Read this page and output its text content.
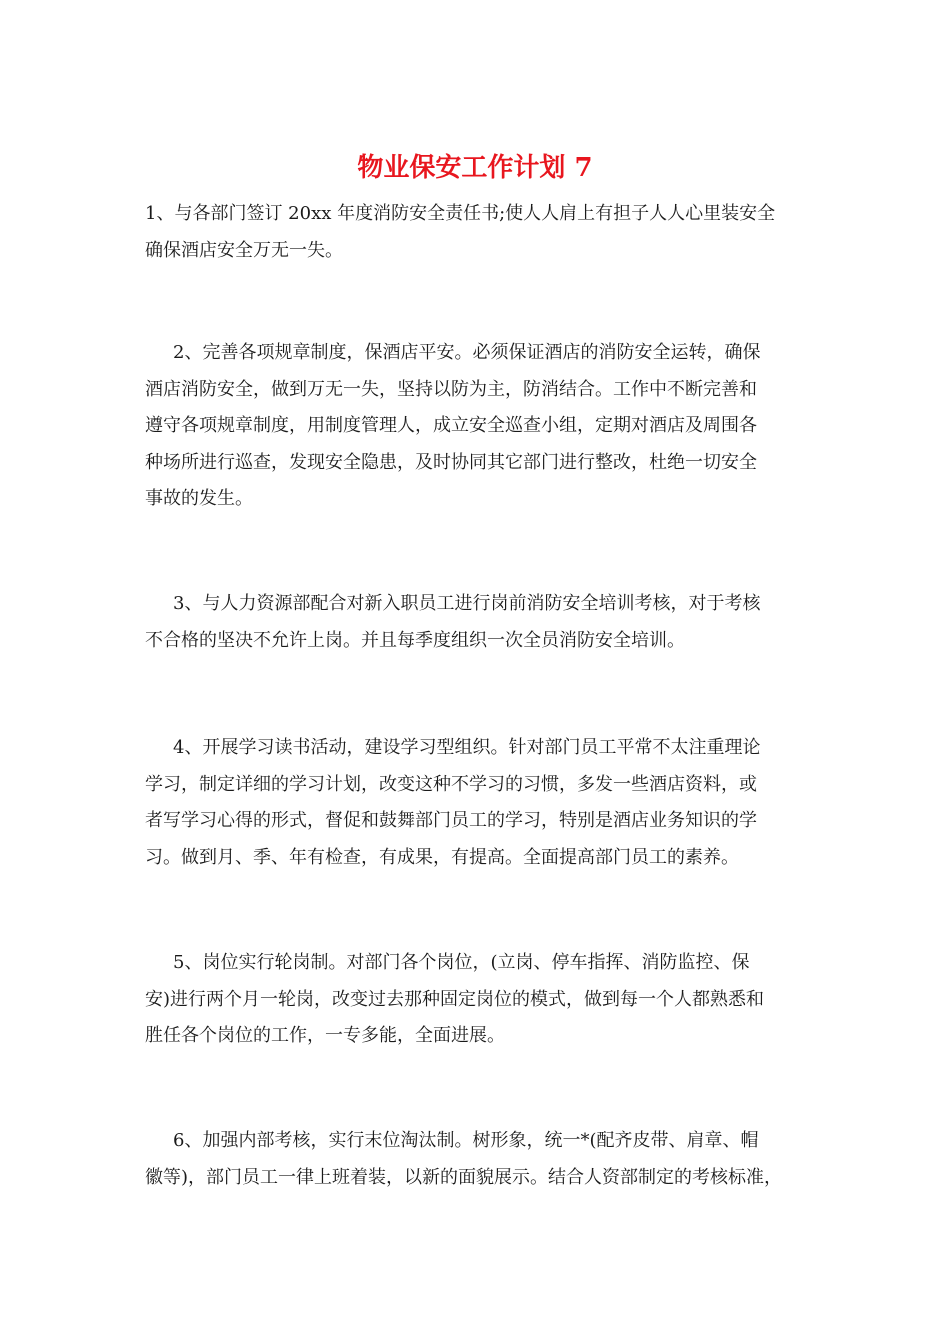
物业保安工作计划 7
1、与各部门签订 20xx 年度消防安全责任书;使人人肩上有担子人人心里装安全
确保酒店安全万无一失。
2、完善各项规章制度，保酒店平安。必须保证酒店的消防安全运转，确保
酒店消防安全，做到万无一失，坚持以防为主，防消结合。工作中不断完善和
遵守各项规章制度，用制度管理人，成立安全巡查小组，定期对酒店及周围各
种场所进行巡查，发现安全隐患，及时协同其它部门进行整改，杜绝一切安全
事故的发生。
3、与人力资源部配合对新入职员工进行岗前消防安全培训考核，对于考核
不合格的坚决不允许上岗。并且每季度组织一次全员消防安全培训。
4、开展学习读书活动，建设学习型组织。针对部门员工平常不太注重理论
学习，制定详细的学习计划，改变这种不学习的习惯，多发一些酒店资料，或
者写学习心得的形式，督促和鼓舞部门员工的学习，特别是酒店业务知识的学
习。做到月、季、年有检查，有成果，有提高。全面提高部门员工的素养。
5、岗位实行轮岗制。对部门各个岗位，(立岗、停车指挥、消防监控、保
安)进行两个月一轮岗，改变过去那种固定岗位的模式，做到每一个人都熟悉和
胜任各个岗位的工作，一专多能，全面进展。
6、加强内部考核，实行末位淘汰制。树形象，统一*(配齐皮带、肩章、帽
徽等)，部门员工一律上班着装，以新的面貌展示。结合人资部制定的考核标准，
